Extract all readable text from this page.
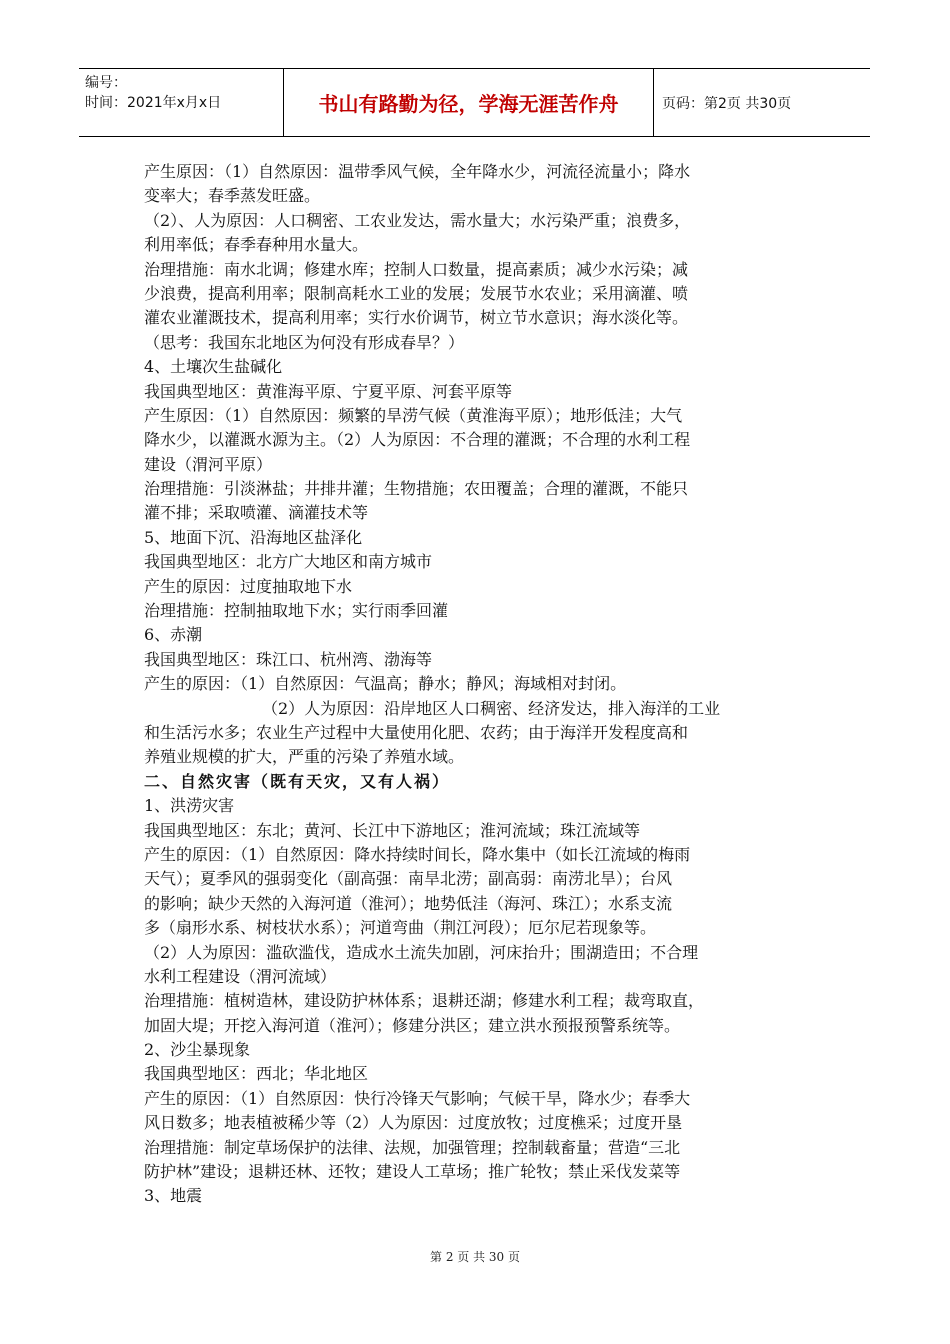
编号：
时间：2021年x月x日	书山有路勤为径，学海无涯苦作舟	页码：第2页 共30页
产生原因：（1）自然原因：温带季风气候，全年降水少，河流径流量小；降水
变率大；春季蒸发旺盛。
（2）、人为原因：人口稠密、工农业发达，需水量大；水污染严重；浪费多，
利用率低；春季春种用水量大。
治理措施：南水北调；修建水库；控制人口数量，提高素质；减少水污染；减
少浪费，提高利用率；限制高耗水工业的发展；发展节水农业；采用滴灌、喷
灌农业灌溉技术，提高利用率；实行水价调节，树立节水意识；海水淡化等。
（思考：我国东北地区为何没有形成春旱？）
4、土壤次生盐碱化
我国典型地区：黄淮海平原、宁夏平原、河套平原等
产生原因：（1）自然原因：频繁的旱涝气候（黄淮海平原）；地形低洼；大气
降水少，以灌溉水源为主。（2）人为原因：不合理的灌溉；不合理的水利工程
建设（渭河平原）
治理措施：引淡淋盐；井排井灌；生物措施；农田覆盖；合理的灌溉，不能只
灌不排；采取喷灌、滴灌技术等
5、地面下沉、沿海地区盐泽化
我国典型地区：北方广大地区和南方城市
产生的原因：过度抽取地下水
治理措施：控制抽取地下水；实行雨季回灌
6、赤潮
我国典型地区：珠江口、杭州湾、渤海等
产生的原因：（1）自然原因：气温高；静水；静风；海域相对封闭。
（2）人为原因：沿岸地区人口稠密、经济发达，排入海洋的工业
和生活污水多；农业生产过程中大量使用化肥、农药；由于海洋开发程度高和
养殖业规模的扩大，严重的污染了养殖水域。
二、自然灾害（既有天灾，又有人祸）
1、洪涝灾害
我国典型地区：东北；黄河、长江中下游地区；淮河流域；珠江流域等
产生的原因：（1）自然原因：降水持续时间长，降水集中（如长江流域的梅雨
天气）；夏季风的强弱变化（副高强：南旱北涝；副高弱：南涝北旱）；台风
的影响；缺少天然的入海河道（淮河）；地势低洼（海河、珠江）；水系支流
多（扇形水系、树枝状水系）；河道弯曲（荆江河段）；厄尔尼若现象等。
（2）人为原因：滥砍滥伐，造成水土流失加剧，河床抬升；围湖造田；不合理
水利工程建设（渭河流域）
治理措施：植树造林，建设防护林体系；退耕还湖；修建水利工程；裁弯取直，
加固大堤；开挖入海河道（淮河）；修建分洪区；建立洪水预报预警系统等。
2、沙尘暴现象
我国典型地区：西北；华北地区
产生的原因：（1）自然原因：快行冷锋天气影响；气候干旱，降水少；春季大
风日数多；地表植被稀少等（2）人为原因：过度放牧；过度樵采；过度开垦
治理措施：制定草场保护的法律、法规，加强管理；控制载畜量；营造“三北
防护林”建设；退耕还林、还牧；建设人工草场；推广轮牧；禁止采伐发菜等
3、地震
第 2 页 共 30 页
